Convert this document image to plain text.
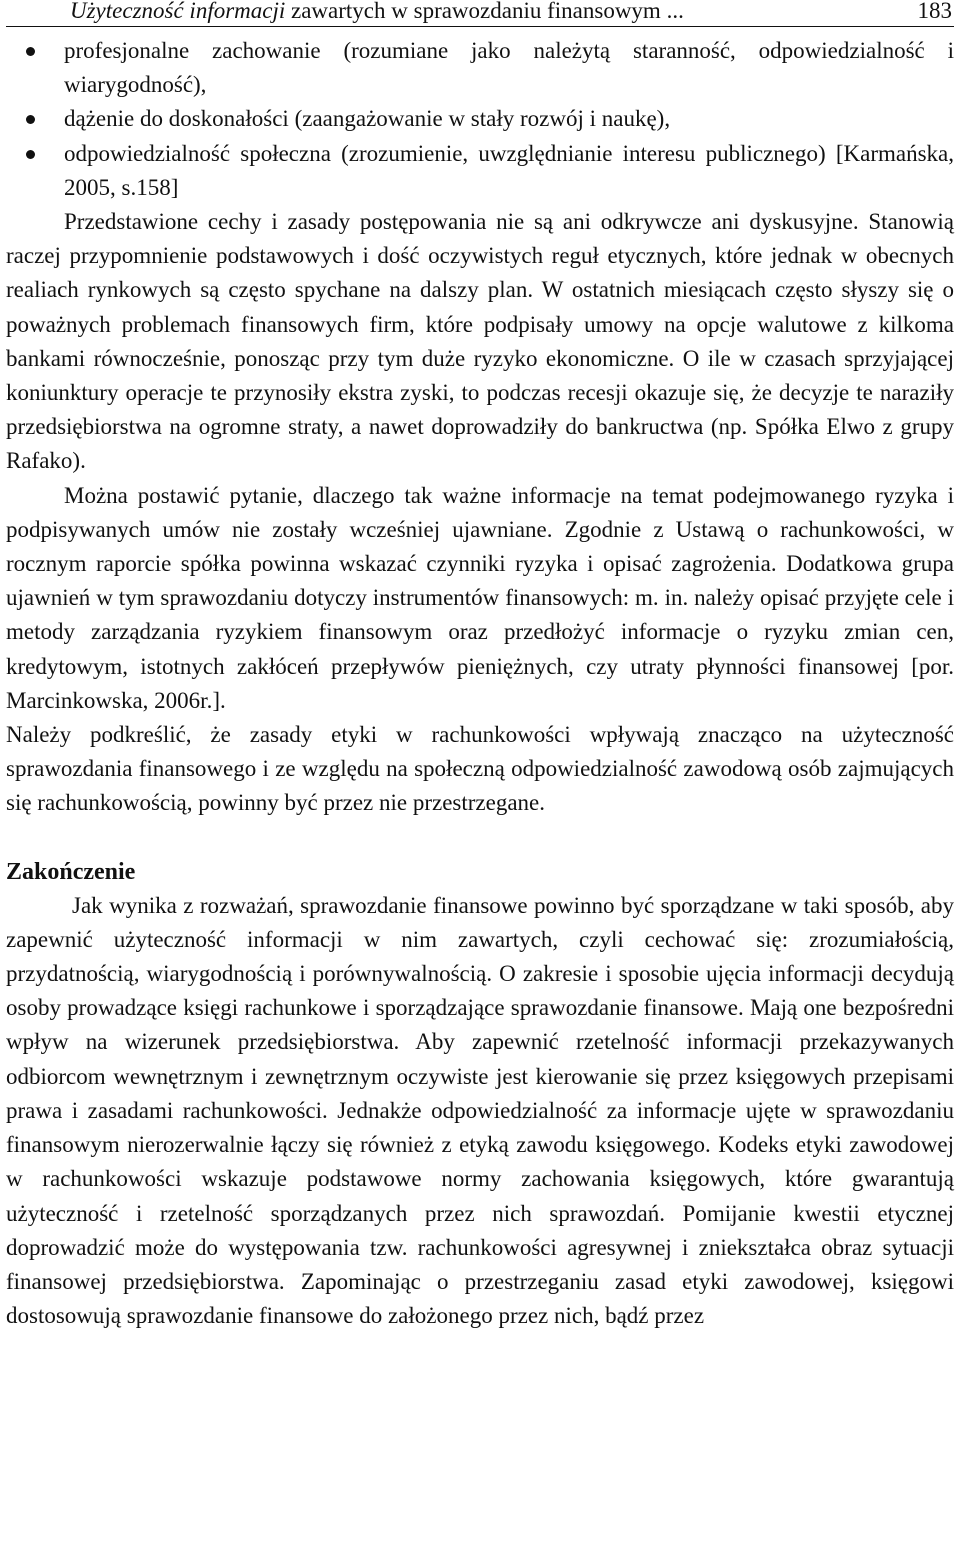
Użyteczność informacji zawartych w sprawozdaniu finansowym ...	183
profesjonalne zachowanie (rozumiane jako należytą staranność, odpowiedzialność i wiarygodność),
dążenie do doskonałości (zaangażowanie w stały rozwój i naukę),
odpowiedzialność społeczna (zrozumienie, uwzględnianie interesu publicznego) [Karmańska, 2005, s.158]

Przedstawione cechy i zasady postępowania nie są ani odkrywcze ani dyskusyjne. Stanowią raczej przypomnienie podstawowych i dość oczywistych reguł etycznych, które jednak w obecnych realiach rynkowych są często spychane na dalszy plan. W ostatnich miesiącach często słyszy się o poważnych problemach finansowych firm, które podpisały umowy na opcje walutowe z kilkoma bankami równocześnie, ponosząc przy tym duże ryzyko ekonomiczne. O ile w czasach sprzyjającej koniunktury operacje te przynosiły ekstra zyski, to podczas recesji okazuje się, że decyzje te naraziły przedsiębiorstwa na ogromne straty, a nawet doprowadziły do bankructwa (np. Spółka Elwo z grupy Rafako).

Można postawić pytanie, dlaczego tak ważne informacje na temat podejmowanego ryzyka i podpisywanych umów nie zostały wcześniej ujawniane. Zgodnie z Ustawą o rachunkowości, w rocznym raporcie spółka powinna wskazać czynniki ryzyka i opisać zagrożenia. Dodatkowa grupa ujawnień w tym sprawozdaniu dotyczy instrumentów finansowych: m. in. należy opisać przyjęte cele i metody zarządzania ryzykiem finansowym oraz przedłożyć informacje o ryzyku zmian cen, kredytowym, istotnych zakłóceń przepływów pieniężnych, czy utraty płynności finansowej [por. Marcinkowska, 2006r.].

Należy podkreślić, że zasady etyki w rachunkowości wpływają znacząco na użyteczność sprawozdania finansowego i ze względu na społeczną odpowiedzialność zawodową osób zajmujących się rachunkowością, powinny być przez nie przestrzegane.

Zakończenie

Jak wynika z rozważań, sprawozdanie finansowe powinno być sporządzane w taki sposób, aby zapewnić użyteczność informacji w nim zawartych, czyli cechować się: zrozumiałością, przydatnością, wiarygodnością i porównywalnością. O zakresie i sposobie ujęcia informacji decydują osoby prowadzące księgi rachunkowe i sporządzające sprawozdanie finansowe. Mają one bezpośredni wpływ na wizerunek przedsiębiorstwa. Aby zapewnić rzetelność informacji przekazywanych odbiorcom wewnętrznym i zewnętrznym oczywiste jest kierowanie się przez księgowych przepisami prawa i zasadami rachunkowości. Jednakże odpowiedzialność za informacje ujęte w sprawozdaniu finansowym nierozerwalnie łączy się również z etyką zawodu księgowego. Kodeks etyki zawodowej w rachunkowości wskazuje podstawowe normy zachowania księgowych, które gwarantują użyteczność i rzetelność sporządzanych przez nich sprawozdań. Pomijanie kwestii etycznej doprowadzić może do występowania tzw. rachunkowości agresywnej i zniekształca obraz sytuacji finansowej przedsiębiorstwa. Zapominając o przestrzeganiu zasad etyki zawodowej, księgowi dostosowują sprawozdanie finansowe do założonego przez nich, bądź przez
